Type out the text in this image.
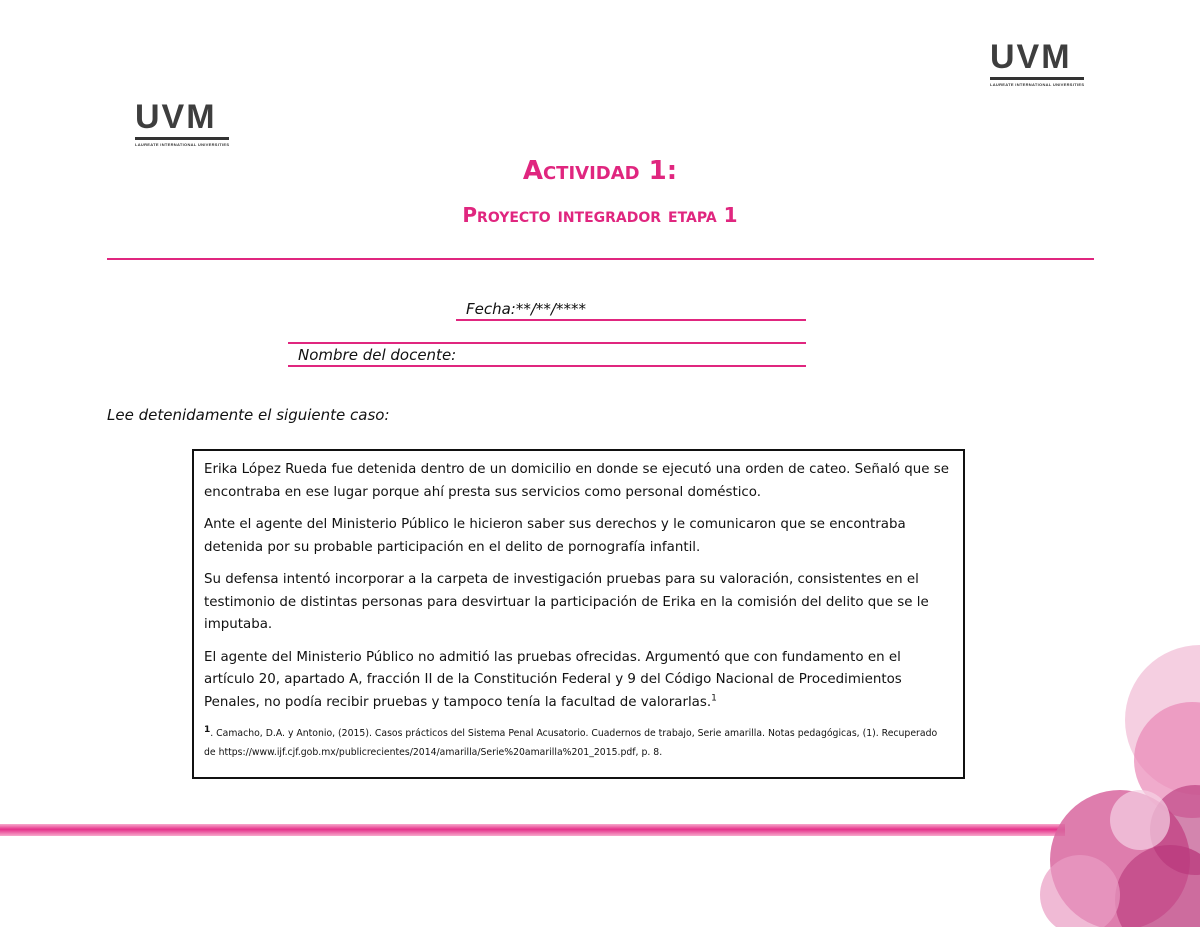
UVM
LAUREATE INTERNATIONAL UNIVERSITIES
UVM
LAUREATE INTERNATIONAL UNIVERSITIES
Actividad 1:
Proyecto integrador etapa 1
Fecha:**/**/****
Nombre del docente:
Lee detenidamente el siguiente caso:

Erika López Rueda fue detenida dentro de un domicilio en donde se ejecutó una orden de cateo. Señaló que se encontraba en ese lugar porque ahí presta sus servicios como personal doméstico.

Ante el agente del Ministerio Público le hicieron saber sus derechos y le comunicaron que se encontraba detenida por su probable participación en el delito de pornografía infantil.

Su defensa intentó incorporar a la carpeta de investigación pruebas para su valoración, consistentes en el testimonio de distintas personas para desvirtuar la participación de Erika en la comisión del delito que se le imputaba.

El agente del Ministerio Público no admitió las pruebas ofrecidas. Argumentó que con fundamento en el artículo 20, apartado A, fracción II de la Constitución Federal y 9 del Código Nacional de Procedimientos Penales, no podía recibir pruebas y tampoco tenía la facultad de valorarlas.$^1$

$^1$. Camacho, D.A. y Antonio, (2015). Casos prácticos del Sistema Penal Acusatorio. Cuadernos de trabajo, Serie amarilla. Notas pedagógicas, (1). Recuperado de https://www.ijf.cjf.gob.mx/publicrecientes/2014/amarilla/Serie%20amarilla%201_2015.pdf, p. 8.
